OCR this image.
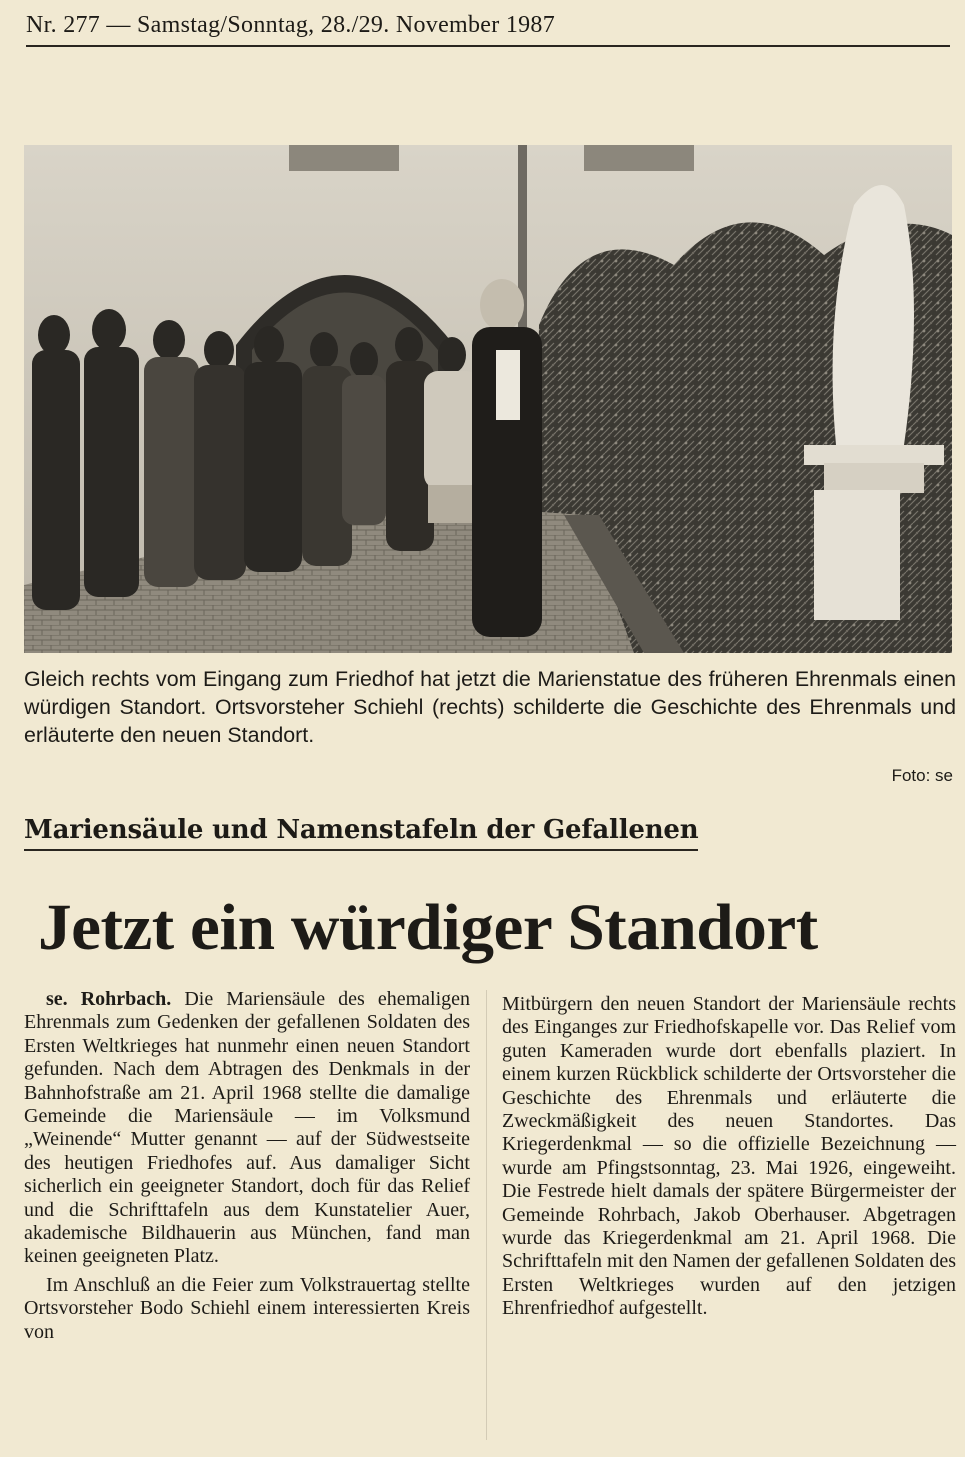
Nr. 277 — Samstag/Sonntag, 28./29. November 1987
Gleich rechts vom Eingang zum Friedhof hat jetzt die Marienstatue des früheren Ehrenmals einen würdigen Standort. Ortsvorsteher Schiehl (rechts) schilderte die Geschichte des Ehrenmals und erläuterte den neuen Standort.
Foto: se
Mariensäule und Namenstafeln der Gefallenen
Jetzt ein würdiger Standort

se. Rohrbach. Die Mariensäule des ehemaligen Ehrenmals zum Gedenken der gefallenen Soldaten des Ersten Weltkrieges hat nunmehr einen neuen Standort gefunden. Nach dem Abtragen des Denkmals in der Bahnhofstraße am 21. April 1968 stellte die damalige Gemeinde die Mariensäule — im Volksmund „Weinende“ Mutter genannt — auf der Südwestseite des heutigen Friedhofes auf. Aus damaliger Sicht sicherlich ein geeigneter Standort, doch für das Relief und die Schrifttafeln aus dem Kunstatelier Auer, akademische Bildhauerin aus München, fand man keinen geeigneten Platz.

Im Anschluß an die Feier zum Volkstrauertag stellte Ortsvorsteher Bodo Schiehl einem interessierten Kreis von

Mitbürgern den neuen Standort der Mariensäule rechts des Einganges zur Friedhofskapelle vor. Das Relief vom guten Kameraden wurde dort ebenfalls plaziert. In einem kurzen Rückblick schilderte der Ortsvorsteher die Geschichte des Ehrenmals und erläuterte die Zweckmäßigkeit des neuen Standortes. Das Kriegerdenkmal — so die offizielle Bezeichnung — wurde am Pfingstsonntag, 23. Mai 1926, eingeweiht. Die Festrede hielt damals der spätere Bürgermeister der Gemeinde Rohrbach, Jakob Oberhauser. Abgetragen wurde das Kriegerdenkmal am 21. April 1968. Die Schrifttafeln mit den Namen der gefallenen Soldaten des Ersten Weltkrieges wurden auf den jetzigen Ehrenfriedhof aufgestellt.
